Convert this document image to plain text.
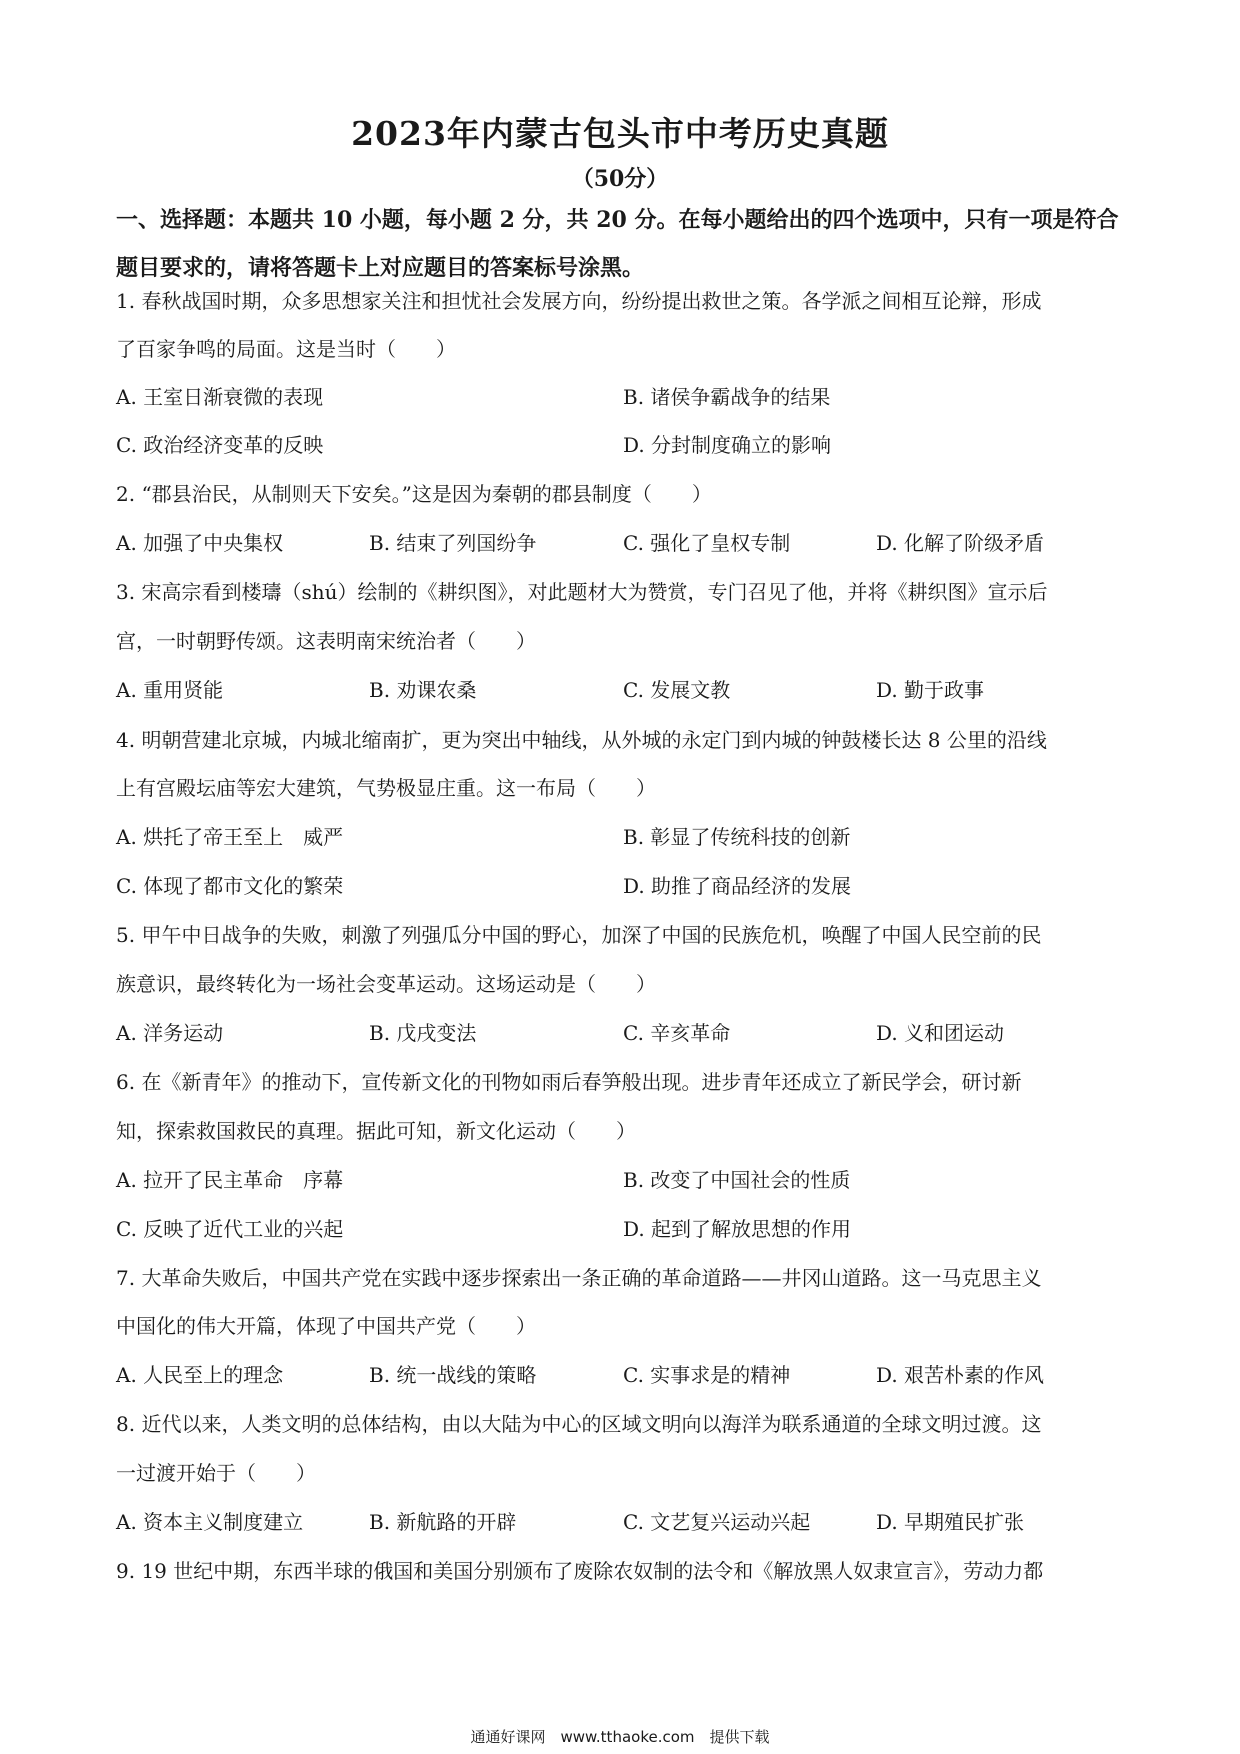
2023年内蒙古包头市中考历史真题
（50分）
一、选择题：本题共 10 小题，每小题 2 分，共 20 分。在每小题给出的四个选项中，只有一项是符合题目要求的，请将答题卡上对应题目的答案标号涂黑。
1. 春秋战国时期，众多思想家关注和担忧社会发展方向，纷纷提出救世之策。各学派之间相互论辩，形成
了百家争鸣的局面。这是当时（　　）
A. 王室日渐衰微的表现	B. 诸侯争霸战争的结果
C. 政治经济变革的反映	D. 分封制度确立的影响
2. “郡县治民，从制则天下安矣。”这是因为秦朝的郡县制度（　　）
A. 加强了中央集权	B. 结束了列国纷争	C. 强化了皇权专制	D. 化解了阶级矛盾
3. 宋高宗看到楼璹（shú）绘制的《耕织图》，对此题材大为赞赏，专门召见了他，并将《耕织图》宣示后
宫，一时朝野传颂。这表明南宋统治者（　　）
A. 重用贤能	B. 劝课农桑	C. 发展文教	D. 勤于政事
4. 明朝营建北京城，内城北缩南扩，更为突出中轴线，从外城的永定门到内城的钟鼓楼长达 8 公里的沿线
上有宫殿坛庙等宏大建筑，气势极显庄重。这一布局（　　）
A. 烘托了帝王至上　威严	B. 彰显了传统科技的创新
C. 体现了都市文化的繁荣	D. 助推了商品经济的发展
5. 甲午中日战争的失败，刺激了列强瓜分中国的野心，加深了中国的民族危机，唤醒了中国人民空前的民
族意识，最终转化为一场社会变革运动。这场运动是（　　）
A. 洋务运动	B. 戊戌变法	C. 辛亥革命	D. 义和团运动
6. 在《新青年》的推动下，宣传新文化的刊物如雨后春笋般出现。进步青年还成立了新民学会，研讨新
知，探索救国救民的真理。据此可知，新文化运动（　　）
A. 拉开了民主革命　序幕	B. 改变了中国社会的性质
C. 反映了近代工业的兴起	D. 起到了解放思想的作用
7. 大革命失败后，中国共产党在实践中逐步探索出一条正确的革命道路——井冈山道路。这一马克思主义
中国化的伟大开篇，体现了中国共产党（　　）
A. 人民至上的理念	B. 统一战线的策略	C. 实事求是的精神	D. 艰苦朴素的作风
8. 近代以来，人类文明的总体结构，由以大陆为中心的区域文明向以海洋为联系通道的全球文明过渡。这
一过渡开始于（　　）
A. 资本主义制度建立	B. 新航路的开辟	C. 文艺复兴运动兴起	D. 早期殖民扩张
9. 19 世纪中期，东西半球的俄国和美国分别颁布了废除农奴制的法令和《解放黑人奴隶宣言》，劳动力都
通通好课网　www.tthaoke.com　提供下载
